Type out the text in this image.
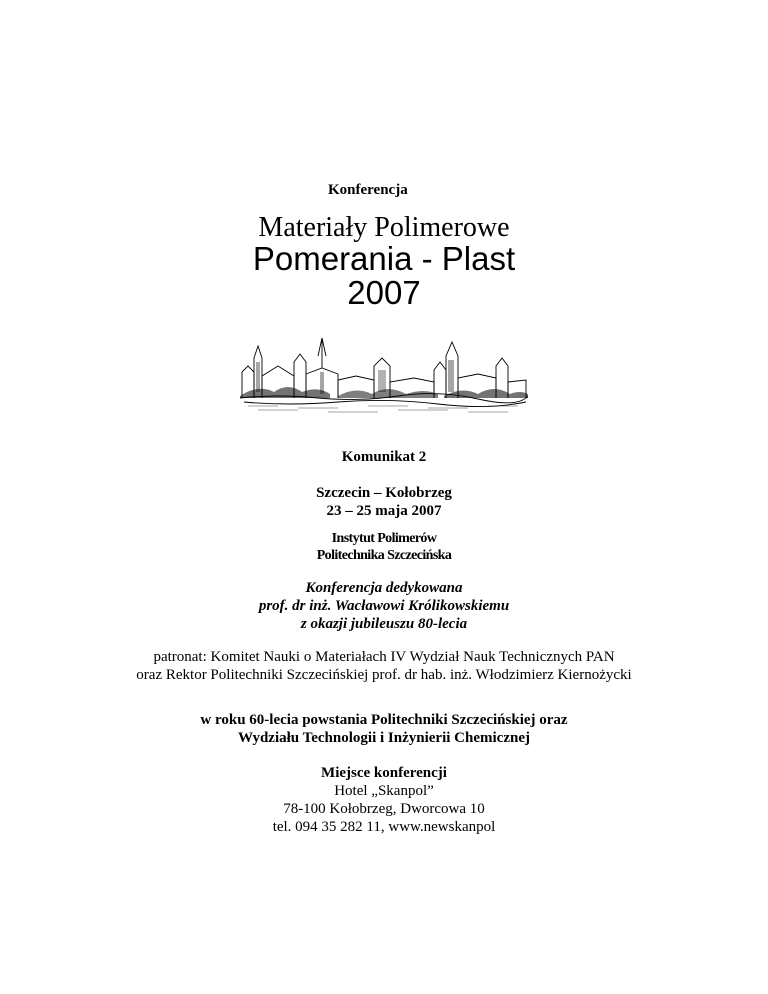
Konferencja
Materiały Polimerowe
Pomerania - Plast
2007
Komunikat 2
Szczecin – Kołobrzeg
23 – 25 maja 2007
Instytut Polimerów
Politechnika Szczecińska
Konferencja dedykowana
prof. dr inż. Wacławowi Królikowskiemu
z okazji jubileuszu 80-lecia
patronat: Komitet Nauki o Materiałach IV Wydział Nauk Technicznych PAN
oraz Rektor Politechniki Szczecińskiej prof. dr hab. inż. Włodzimierz Kiernożycki
w roku 60-lecia powstania Politechniki Szczecińskiej oraz
Wydziału Technologii i Inżynierii Chemicznej
Miejsce konferencji
Hotel „Skanpol”
78-100 Kołobrzeg, Dworcowa 10
tel. 094 35 282 11, www.newskanpol
